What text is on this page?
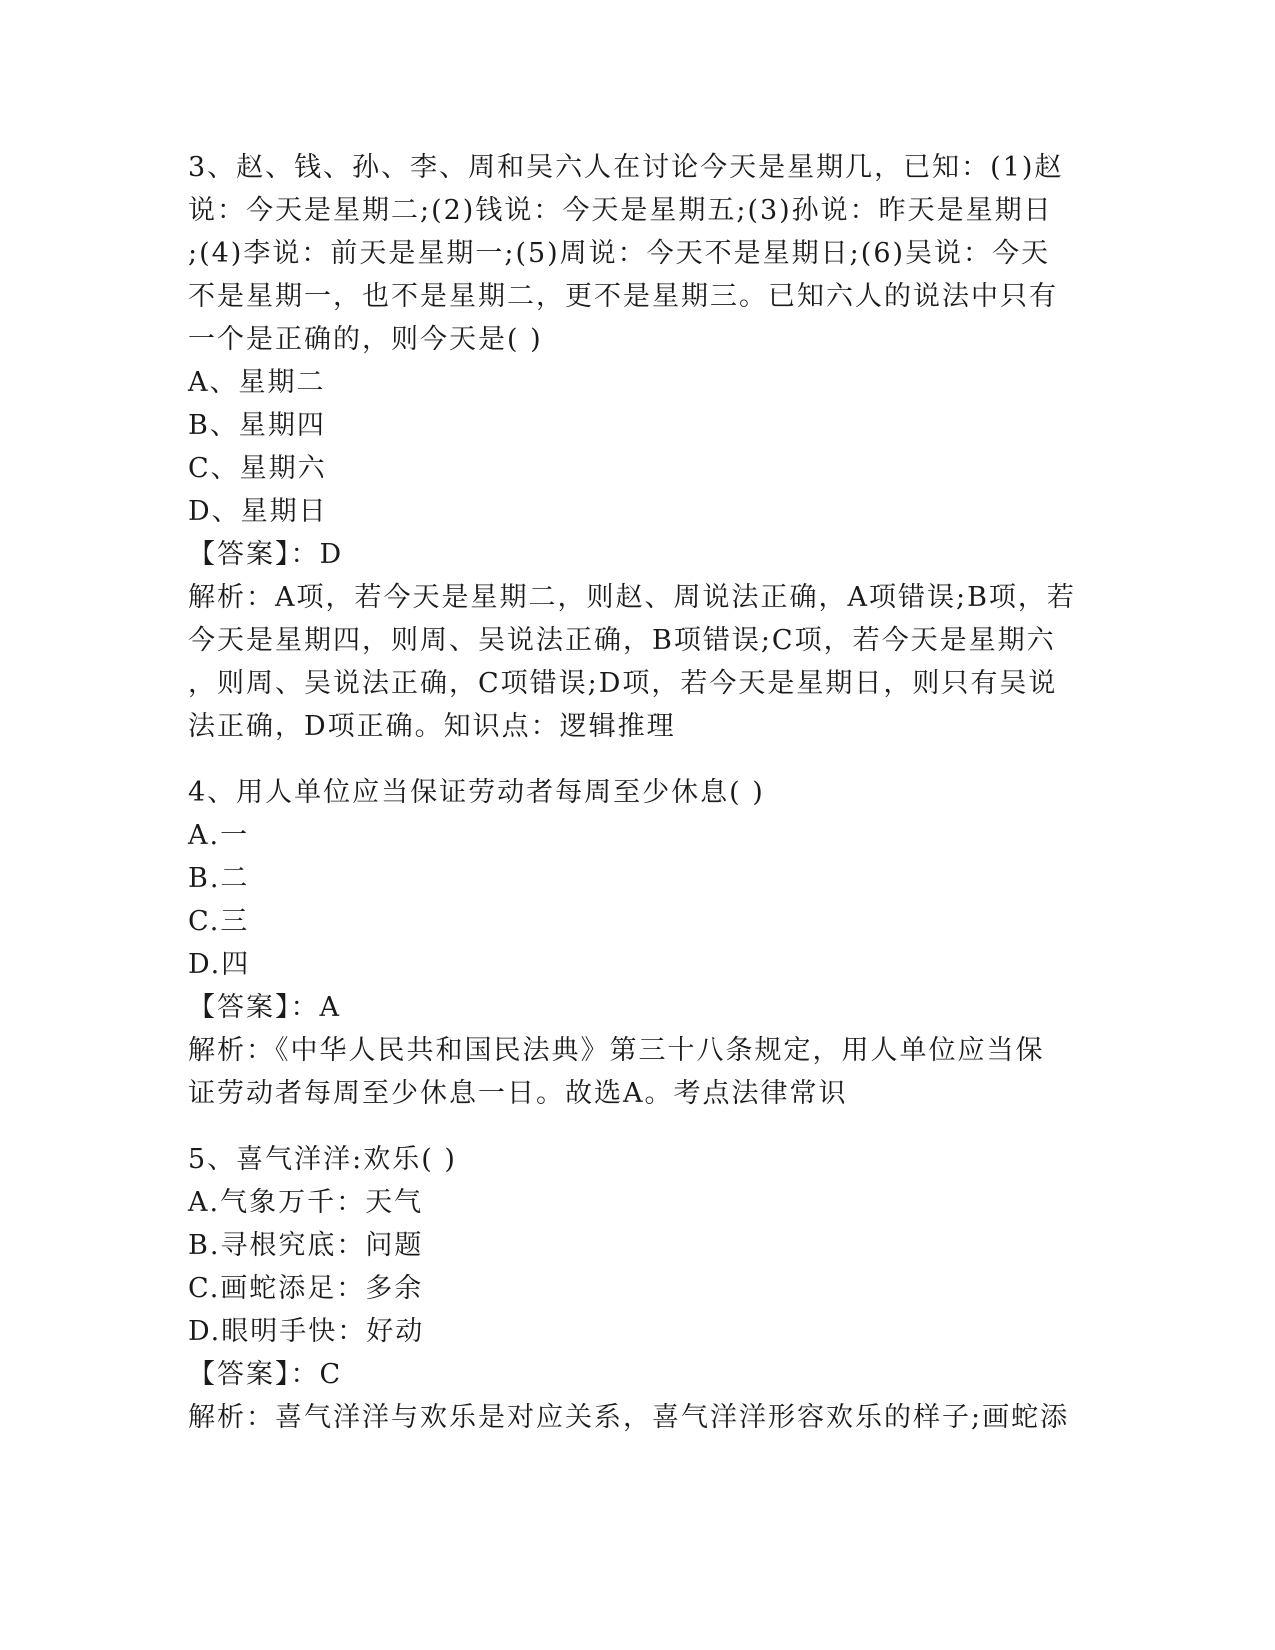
3、赵、钱、孙、李、周和吴六人在讨论今天是星期几，已知：(1)赵
说：今天是星期二;(2)钱说：今天是星期五;(3)孙说：昨天是星期日
;(4)李说：前天是星期一;(5)周说：今天不是星期日;(6)吴说：今天
不是星期一，也不是星期二，更不是星期三。已知六人的说法中只有
一个是正确的，则今天是( )
A、星期二
B、星期四
C、星期六
D、星期日
【答案】：D
解析：A项，若今天是星期二，则赵、周说法正确，A项错误;B项，若
今天是星期四，则周、吴说法正确，B项错误;C项，若今天是星期六
，则周、吴说法正确，C项错误;D项，若今天是星期日，则只有吴说
法正确，D项正确。知识点：逻辑推理
4、用人单位应当保证劳动者每周至少休息( )
A.一
B.二
C.三
D.四
【答案】：A
解析：《中华人民共和国民法典》第三十八条规定，用人单位应当保
证劳动者每周至少休息一日。故选A。考点法律常识
5、喜气洋洋:欢乐( )
A.气象万千：天气
B.寻根究底：问题
C.画蛇添足：多余
D.眼明手快：好动
【答案】：C
解析：喜气洋洋与欢乐是对应关系，喜气洋洋形容欢乐的样子;画蛇添
